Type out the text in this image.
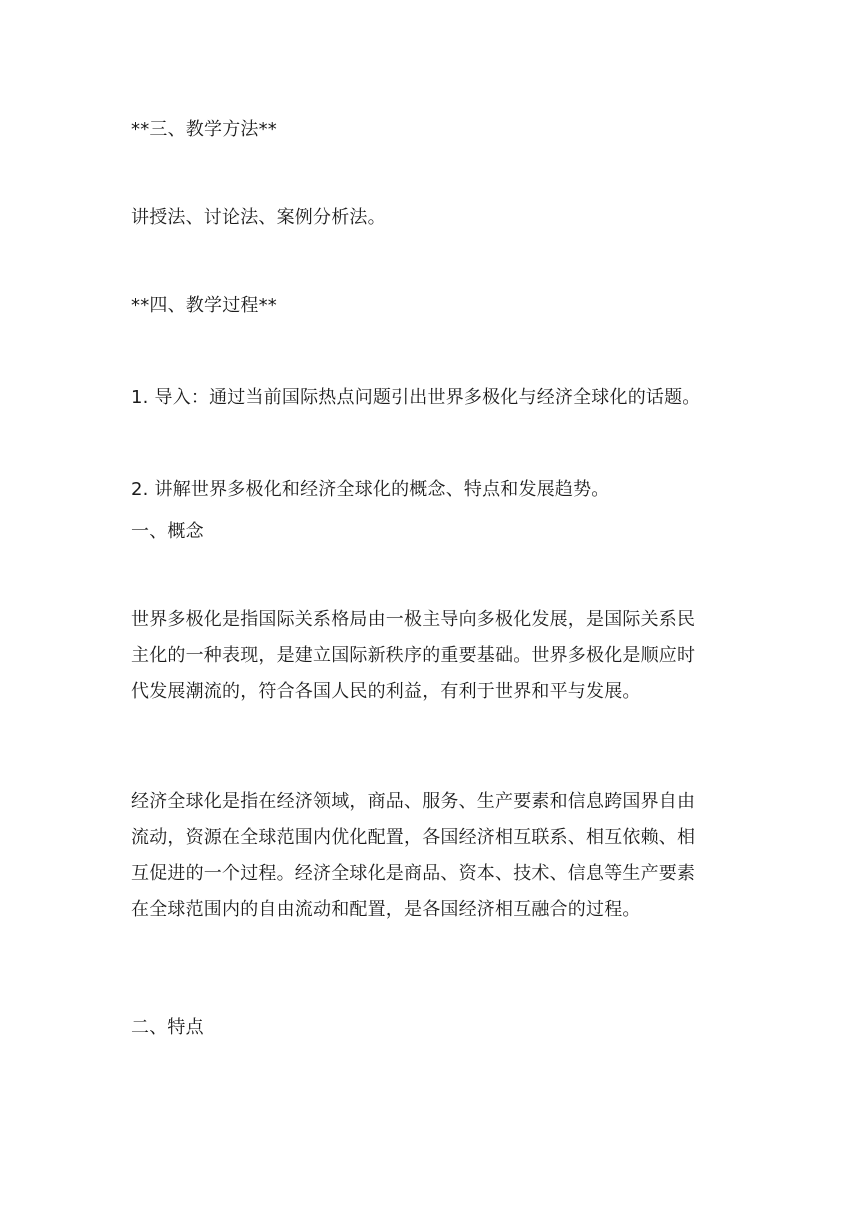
**三、教学方法**
讲授法、讨论法、案例分析法。
**四、教学过程**
1. 导入：通过当前国际热点问题引出世界多极化与经济全球化的话题。
2. 讲解世界多极化和经济全球化的概念、特点和发展趋势。
一、概念
世界多极化是指国际关系格局由一极主导向多极化发展，是国际关系民
主化的一种表现，是建立国际新秩序的重要基础。世界多极化是顺应时
代发展潮流的，符合各国人民的利益，有利于世界和平与发展。
经济全球化是指在经济领域，商品、服务、生产要素和信息跨国界自由
流动，资源在全球范围内优化配置，各国经济相互联系、相互依赖、相
互促进的一个过程。经济全球化是商品、资本、技术、信息等生产要素
在全球范围内的自由流动和配置，是各国经济相互融合的过程。
二、特点
